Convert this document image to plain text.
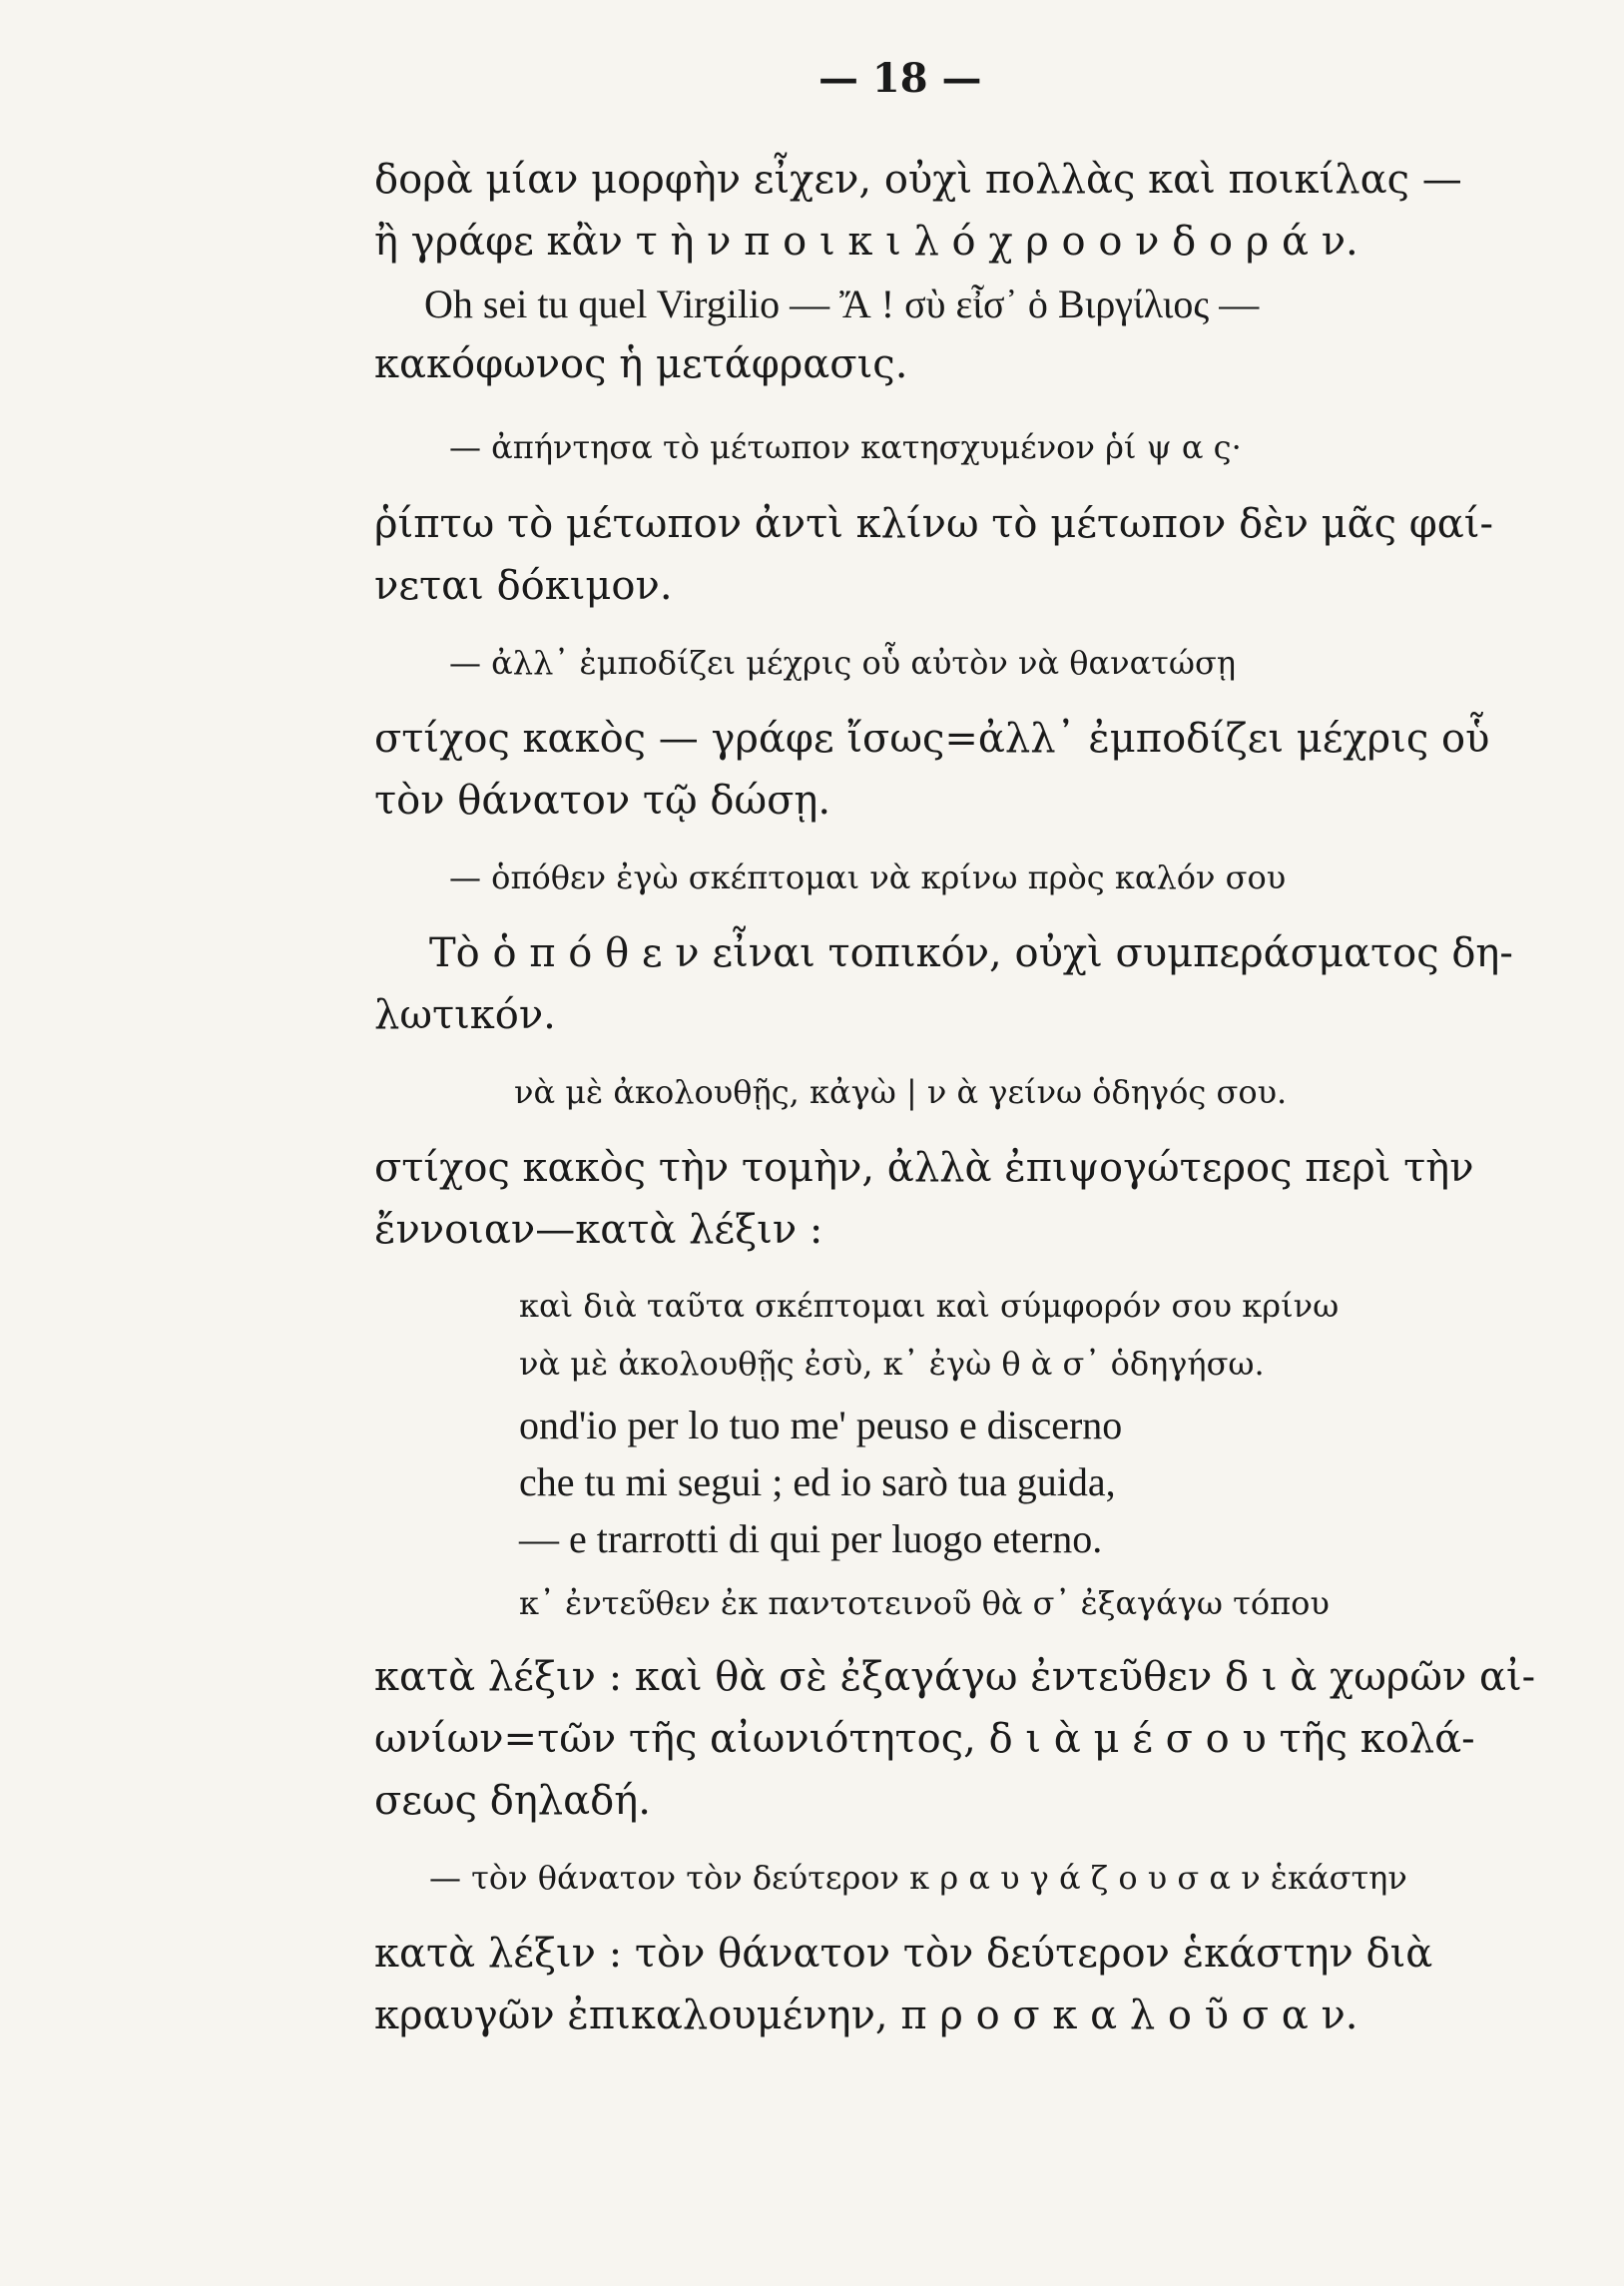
— 18 —
δορὰ μίαν μορφὴν εἶχεν, οὐχὶ πολλὰς καὶ ποικίλας —
ἢ γράφε κἂν τ ὴ ν π ο ι κ ι λ ό χ ρ ο ο ν δ ο ρ ά ν.
Oh sei tu quel Virgilio — Ἄ ! σὺ εἶσ᾽ ὁ Βιργίλιος —
κακόφωνος ἡ μετάφρασις.
— ἀπήντησα τὸ μέτωπον κατησχυμένον ῥί ψ α ς·
ῥίπτω τὸ μέτωπον ἀντὶ κλίνω τὸ μέτωπον δὲν μᾶς φαί-
νεται δόκιμον.
— ἀλλ᾽ ἐμποδίζει μέχρις οὗ αὐτὸν νὰ θανατώσῃ
στίχος κακὸς — γράφε ἴσως=ἀλλ᾽ ἐμποδίζει μέχρις οὗ
τὸν θάνατον τῷ δώσῃ.
— ὁπόθεν ἐγὼ σκέπτομαι νὰ κρίνω πρὸς καλόν σου
Τὸ ὁ π ό θ ε ν εἶναι τοπικόν, οὐχὶ συμπεράσματος δη-
λωτικόν.
νὰ μὲ ἀκολουθῇς, κἀγὼ | ν ὰ γείνω ὁδηγός σου.
στίχος κακὸς τὴν τομὴν, ἀλλὰ ἐπιψογώτερος περὶ τὴν
ἔννοιαν—κατὰ λέξιν :
καὶ διὰ ταῦτα σκέπτομαι καὶ σύμφορόν σου κρίνω
νὰ μὲ ἀκολουθῇς ἐσὺ, κ᾽ ἐγὼ θ ὰ σ᾽ ὁδηγήσω.
ond'io per lo tuo me' peuso e discerno
che tu mi segui ; ed io sarò tua guida,
— e trarrotti di qui per luogo eterno.
κ᾽ ἐντεῦθεν ἐκ παντοτεινοῦ θὰ σ᾽ ἐξαγάγω τόπου
κατὰ λέξιν : καὶ θὰ σὲ ἐξαγάγω ἐντεῦθεν δ ι ὰ χωρῶν αἰ-
ωνίων=τῶν τῆς αἰωνιότητος, δ ι ὰ μ έ σ ο υ τῆς κολά-
σεως δηλαδή.
— τὸν θάνατον τὸν δεύτερον κ ρ α υ γ ά ζ ο υ σ α ν ἑκάστην
κατὰ λέξιν : τὸν θάνατον τὸν δεύτερον ἑκάστην διὰ
κραυγῶν ἐπικαλουμένην, π ρ ο σ κ α λ ο ῦ σ α ν.
